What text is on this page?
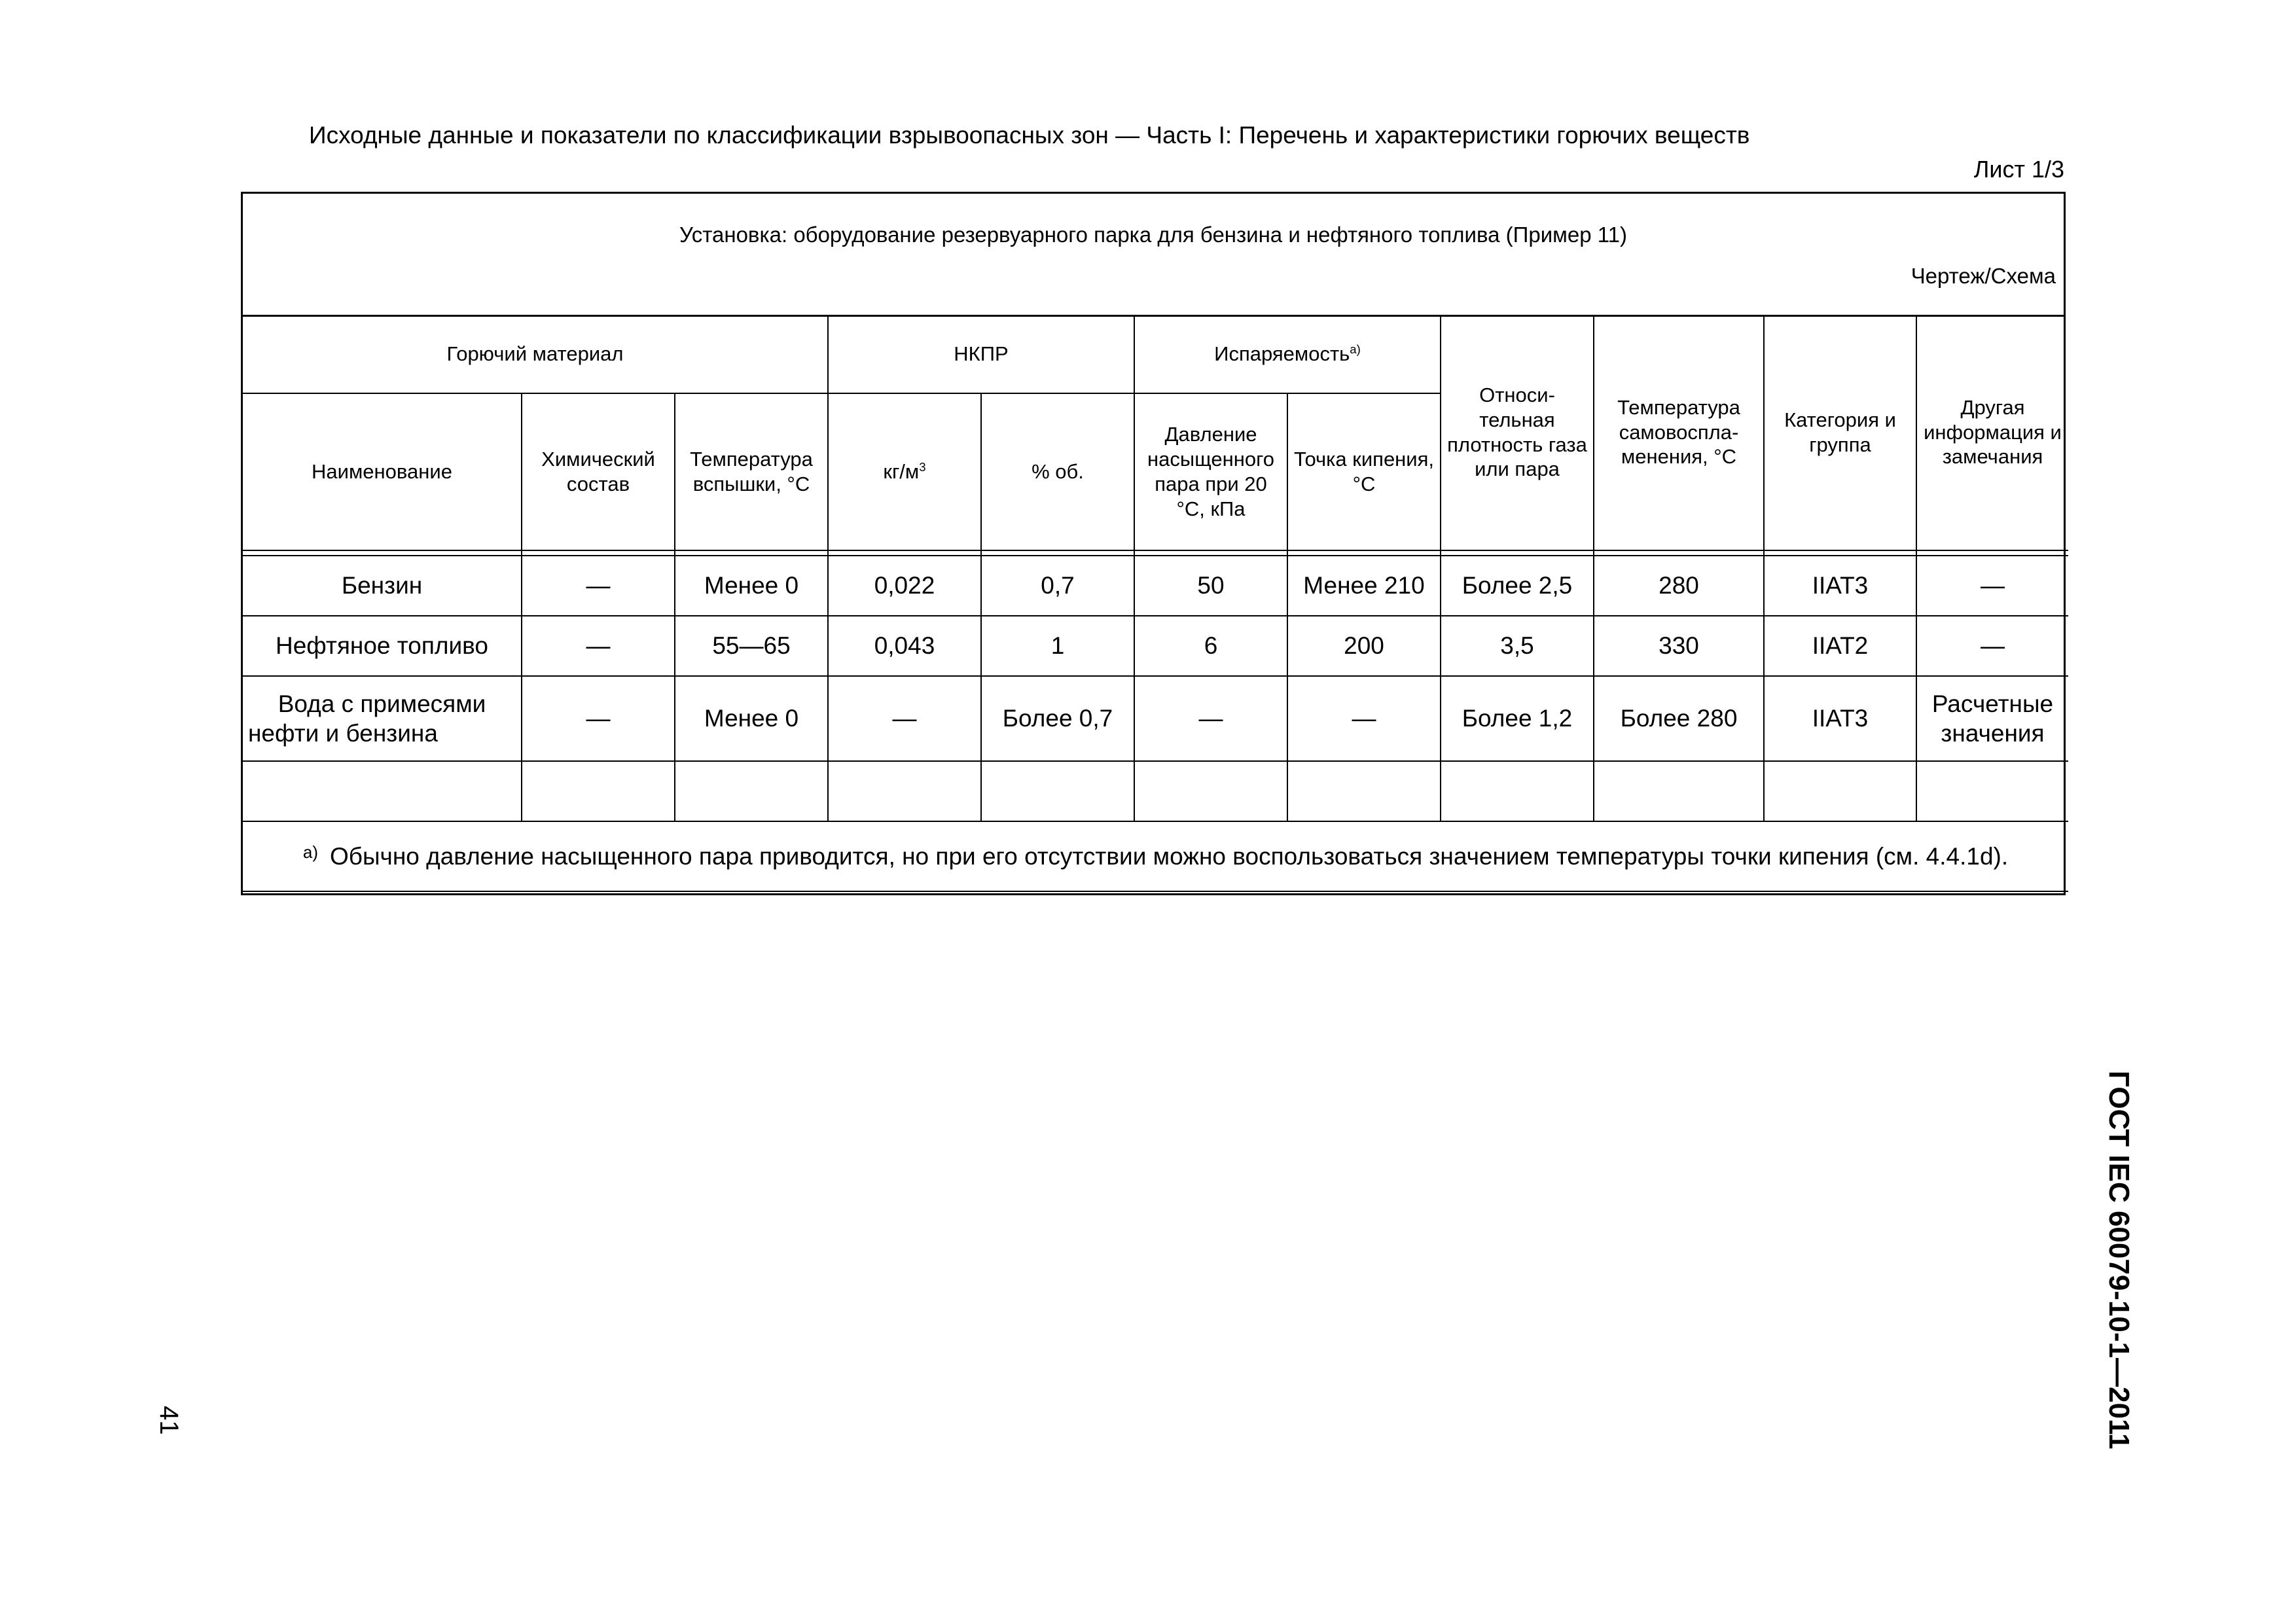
Исходные данные и показатели по классификации взрывоопасных зон — Часть I: Перечень и характеристики горючих веществ
Лист 1/3
Установка: оборудование резервуарного парка для бензина и нефтяного топлива (Пример 11)
Чертеж/Схема
Горючий материал			НКПР		Испаряемость$^{а)}$		Относи-тельная плотность газа или пара	Температура самовоспла-менения, °С	Категория и группа	Другая информация и замечания
Наименование	Химический состав	Температура вспышки, °С	$кг/м^3$	% об.	Давление насыщенного пара при 20 °С, кПа	Точка кипения, °С				

Бензин	—	Менее 0	0,022	0,7	50	Менее 210	Более 2,5	280	IIАТ3	—
Нефтяное топливо	—	55—65	0,043	1	6	200	3,5	330	IIАТ2	—
Вода с примесями нефти и бензина	—	Менее 0	—	Более 0,7	—	—	Более 1,2	Более 280	IIАТ3	Расчетные значения

$^{а)}$ Обычно давление насыщенного пара приводится, но при его отсутствии можно воспользоваться значением температуры точки кипения (см. 4.4.1d).										
41	ГОСТ IEC 60079-10-1—2011
